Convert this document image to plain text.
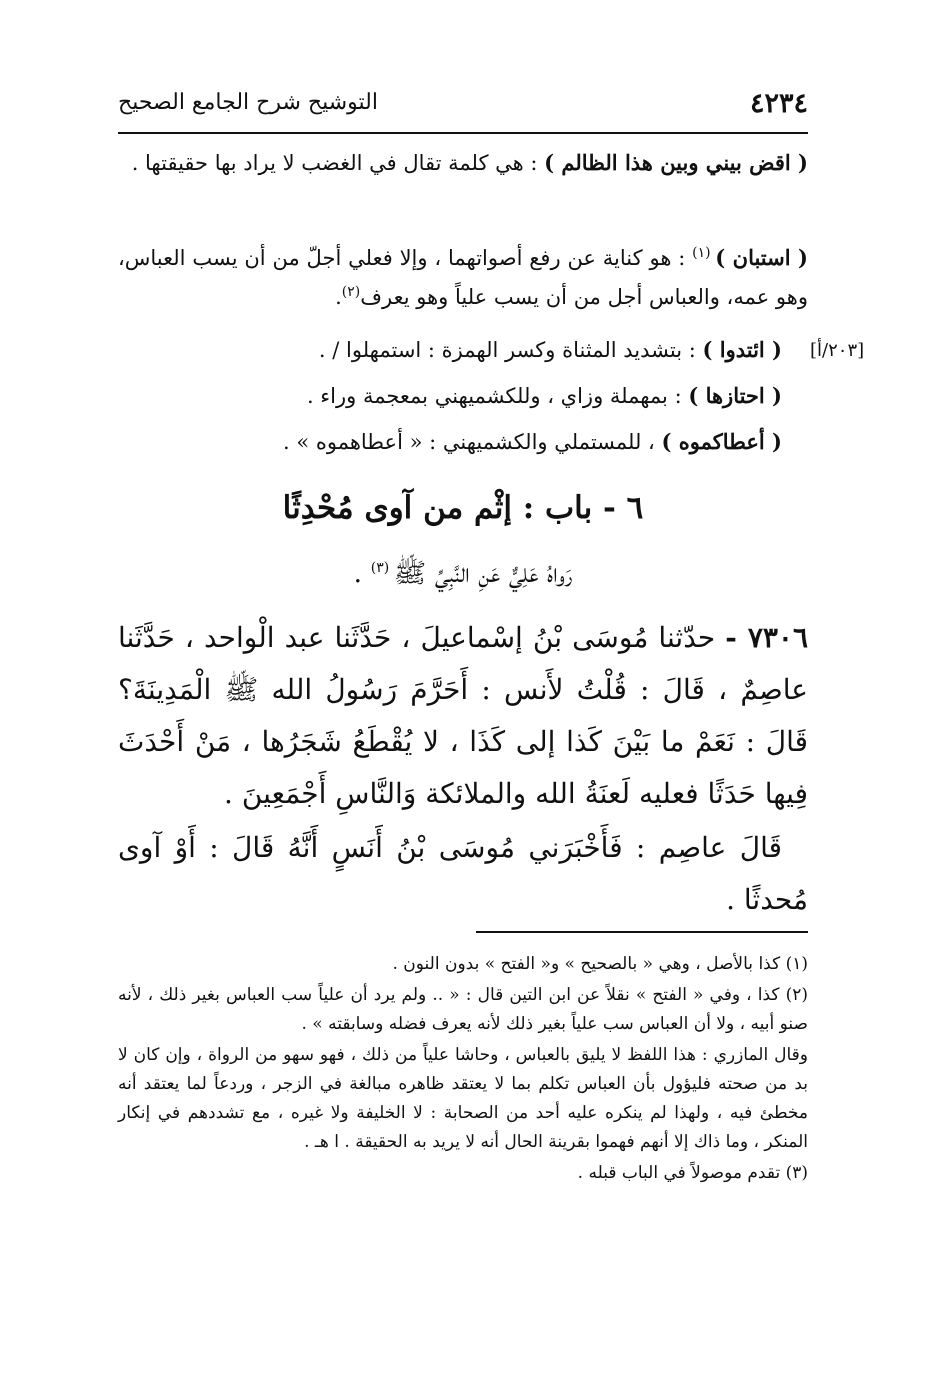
٤٢٣٤
التوشيح شرح الجامع الصحيح
( اقض بيني وبين هذا الظالم ) : هي كلمة تقال في الغضب لا يراد بها حقيقتها .
( استبان ) $^{(١)}$ : هو كناية عن رفع أصواتهما ، وإلا فعلي أجلّ من أن يسب العباس، وهو عمه، والعباس أجل من أن يسب علياً وهو يعرف$^{(٢)}$.
( ائتدوا ) : بتشديد المثناة وكسر الهمزة : استمهلوا / .	[٢٠٣/أ]
( احتازها ) : بمهملة وزاي ، وللكشميهني بمعجمة وراء .
( أعطاكموه ) ، للمستملي والكشميهني : « أعطاهموه » .
٦ - باب : إثْم من آوى مُحْدِثًا
رَواهُ عَلِيٌّ عَنِ النَّبِيِّ ﷺ $^{(٣)}$ .
٧٣٠٦ - حدّثنا مُوسَى بْنُ إسْماعيلَ ، حَدَّثَنا عبد الْواحد ، حَدَّثَنا عاصِمٌ ، قَالَ : قُلْتُ لأَنس : أَحَرَّمَ رَسُولُ الله ﷺ الْمَدِينَةَ؟ قَالَ : نَعَمْ ما بَيْنَ كَذا إلى كَذَا ، لا يُقْطَعُ شَجَرُها ، مَنْ أَحْدَثَ فِيها حَدَثًا فعليه لَعنَةُ الله والملائكة وَالنَّاسِ أَجْمَعِينَ .
قَالَ عاصِم : فَأَخْبَرَني مُوسَى بْنُ أَنَسٍ أَنَّهُ قَالَ : أَوْ آوى مُحدثًا .

(١) كذا بالأصل ، وهي « بالصحيح » و« الفتح » بدون النون .

(٢) كذا ، وفي « الفتح » نقلاً عن ابن التين قال : « .. ولم يرد أن علياً سب العباس بغير ذلك ، لأنه صنو أبيه ، ولا أن العباس سب علياً بغير ذلك لأنه يعرف فضله وسابقته » .

وقال المازري : هذا اللفظ لا يليق بالعباس ، وحاشا علياً من ذلك ، فهو سهو من الرواة ، وإن كان لا بد من صحته فليؤول بأن العباس تكلم بما لا يعتقد ظاهره مبالغة في الزجر ، وردعاً لما يعتقد أنه مخطئ فيه ، ولهذا لم ينكره عليه أحد من الصحابة : لا الخليفة ولا غيره ، مع تشددهم في إنكار المنكر ، وما ذاك إلا أنهم فهموا بقرينة الحال أنه لا يريد به الحقيقة . ا هـ .

(٣) تقدم موصولاً في الباب قبله .
